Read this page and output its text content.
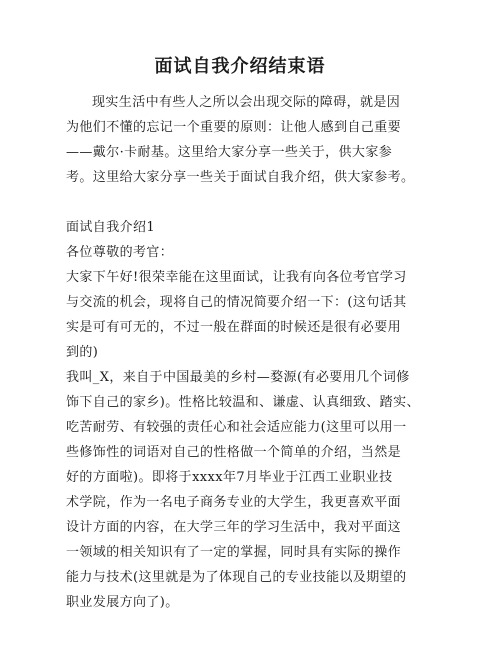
面试自我介绍结束语
现实生活中有些人之所以会出现交际的障碍，就是因
为他们不懂的忘记一个重要的原则：让他人感到自己重要
——戴尔·卡耐基。这里给大家分享一些关于，供大家参
考。这里给大家分享一些关于面试自我介绍，供大家参考。
面试自我介绍1
各位尊敬的考官：
大家下午好!很荣幸能在这里面试，让我有向各位考官学习
与交流的机会，现将自己的情况简要介绍一下：(这句话其
实是可有可无的，不过一般在群面的时候还是很有必要用
到的)
我叫_X，来自于中国最美的乡村—婺源(有必要用几个词修
饰下自己的家乡)。性格比较温和、谦虚、认真细致、踏实、
吃苦耐劳、有较强的责任心和社会适应能力(这里可以用一
些修饰性的词语对自己的性格做一个简单的介绍，当然是
好的方面啦)。即将于xxxx年7月毕业于江西工业职业技
术学院，作为一名电子商务专业的大学生，我更喜欢平面
设计方面的内容，在大学三年的学习生活中，我对平面这
一领域的相关知识有了一定的掌握，同时具有实际的操作
能力与技术(这里就是为了体现自己的专业技能以及期望的
职业发展方向了)。
